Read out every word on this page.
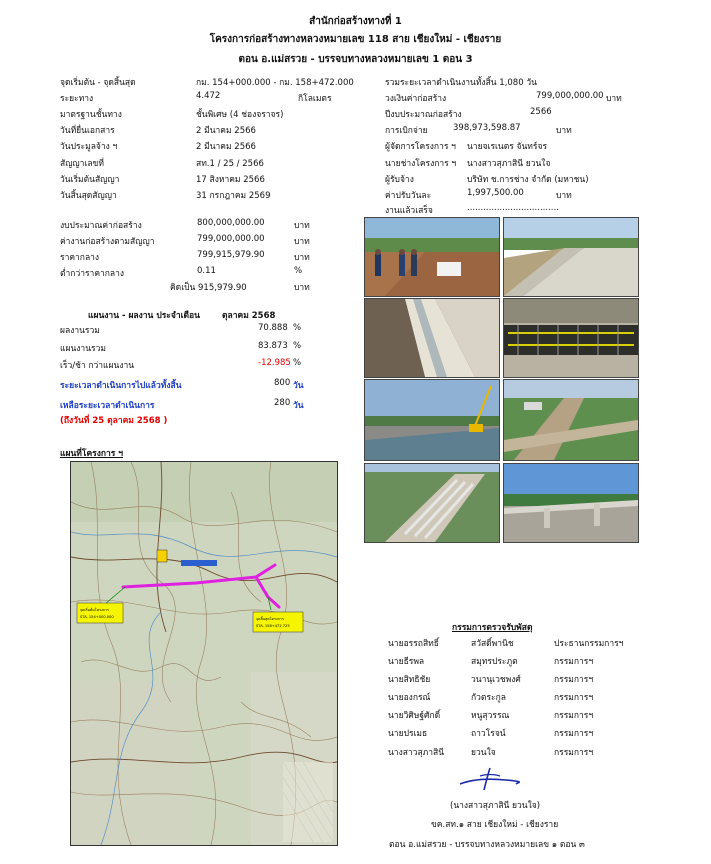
สำนักก่อสร้างทางที่ 1
โครงการก่อสร้างทางหลวงหมายเลข 118 สาย เชียงใหม่ - เชียงราย
ตอน อ.แม่สรวย - บรรจบทางหลวงหมายเลข 1 ตอน 3
จุดเริ่มต้น - จุดสิ้นสุด	กม. 154+000.000 - กม. 158+472.000
ระยะทาง	4.472	กิโลเมตร
มาตรฐานชั้นทาง	ชั้นพิเศษ (4 ช่องจราจร)
วันที่ยื่นเอกสาร	2 มีนาคม 2566
วันประมูลจ้าง ฯ	2 มีนาคม 2566
สัญญาเลขที่	สท.1 / 25 / 2566
วันเริ่มต้นสัญญา	17 สิงหาคม 2566
วันสิ้นสุดสัญญา	31 กรกฎาคม 2569
รวมระยะเวลาดำเนินงานทั้งสิ้น 1,080 วัน
วงเงินค่าก่อสร้าง	799,000,000.00 บาท
ปีงบประมาณก่อสร้าง	2566
การเบิกจ่าย	398,973,598.87	บาท
ผู้จัดการโครงการ ฯ นายจเรเนตร จันทร์จร
นายช่างโครงการ ฯ นางสาวสุภาสินี ยวนใจ
ผู้รับจ้าง	บริษัท ช.การช่าง จำกัด (มหาชน)
ค่าปรับวันละ	1,997,500.00	บาท
งานแล้วเสร็จ	..................................
งบประมาณค่าก่อสร้าง	800,000,000.00	บาท
ค่างานก่อสร้างตามสัญญา	799,000,000.00	บาท
ราคากลาง	799,915,979.90	บาท
ต่ำกว่าราคากลาง	0.11	%
คิดเป็น 915,979.90	บาท
แผนงาน - ผลงาน ประจำเดือน	ตุลาคม 2568
ผลงานรวม	70.888 %
แผนงานรวม	83.873 %
เร็ว/ช้า กว่าแผนงาน	-12.985 %
ระยะเวลาดำเนินการไปแล้วทั้งสิ้น	800 วัน
เหลือระยะเวลาดำเนินการ	280 วัน
(ถึงวันที่ 25 ตุลาคม 2568 )
แผนที่โครงการ ฯ
จุดเริ่มต้นโครงการ
STA. 154+000.000	จุดสิ้นสุดโครงการ
STA. 158+472.725	กรรมการตรวจรับพัสดุ
นายอรรถสิทธิ์	สวัสดิ์พานิช	ประธานกรรมการฯ
นายธีรพล	สมุทรประภูต	กรรมการฯ
นายสิทธิชัย	วนานุเวชพงศ์	กรรมการฯ
นายองกรณ์	กัวตระกูล	กรรมการฯ
นายวิศิษฐ์ศักดิ์	หนูสุวรรณ	กรรมการฯ
นายปรเมธ	ถาวโรจน์	กรรมการฯ
นางสาวสุภาสินี	ยวนใจ	กรรมการฯ
(นางสาวสุภาสินี ยวนใจ)
ขค.สท.๑ สาย เชียงใหม่ - เชียงราย
ตอน อ.แม่สรวย - บรรจบทางหลวงหมายเลข ๑ ตอน ๓
